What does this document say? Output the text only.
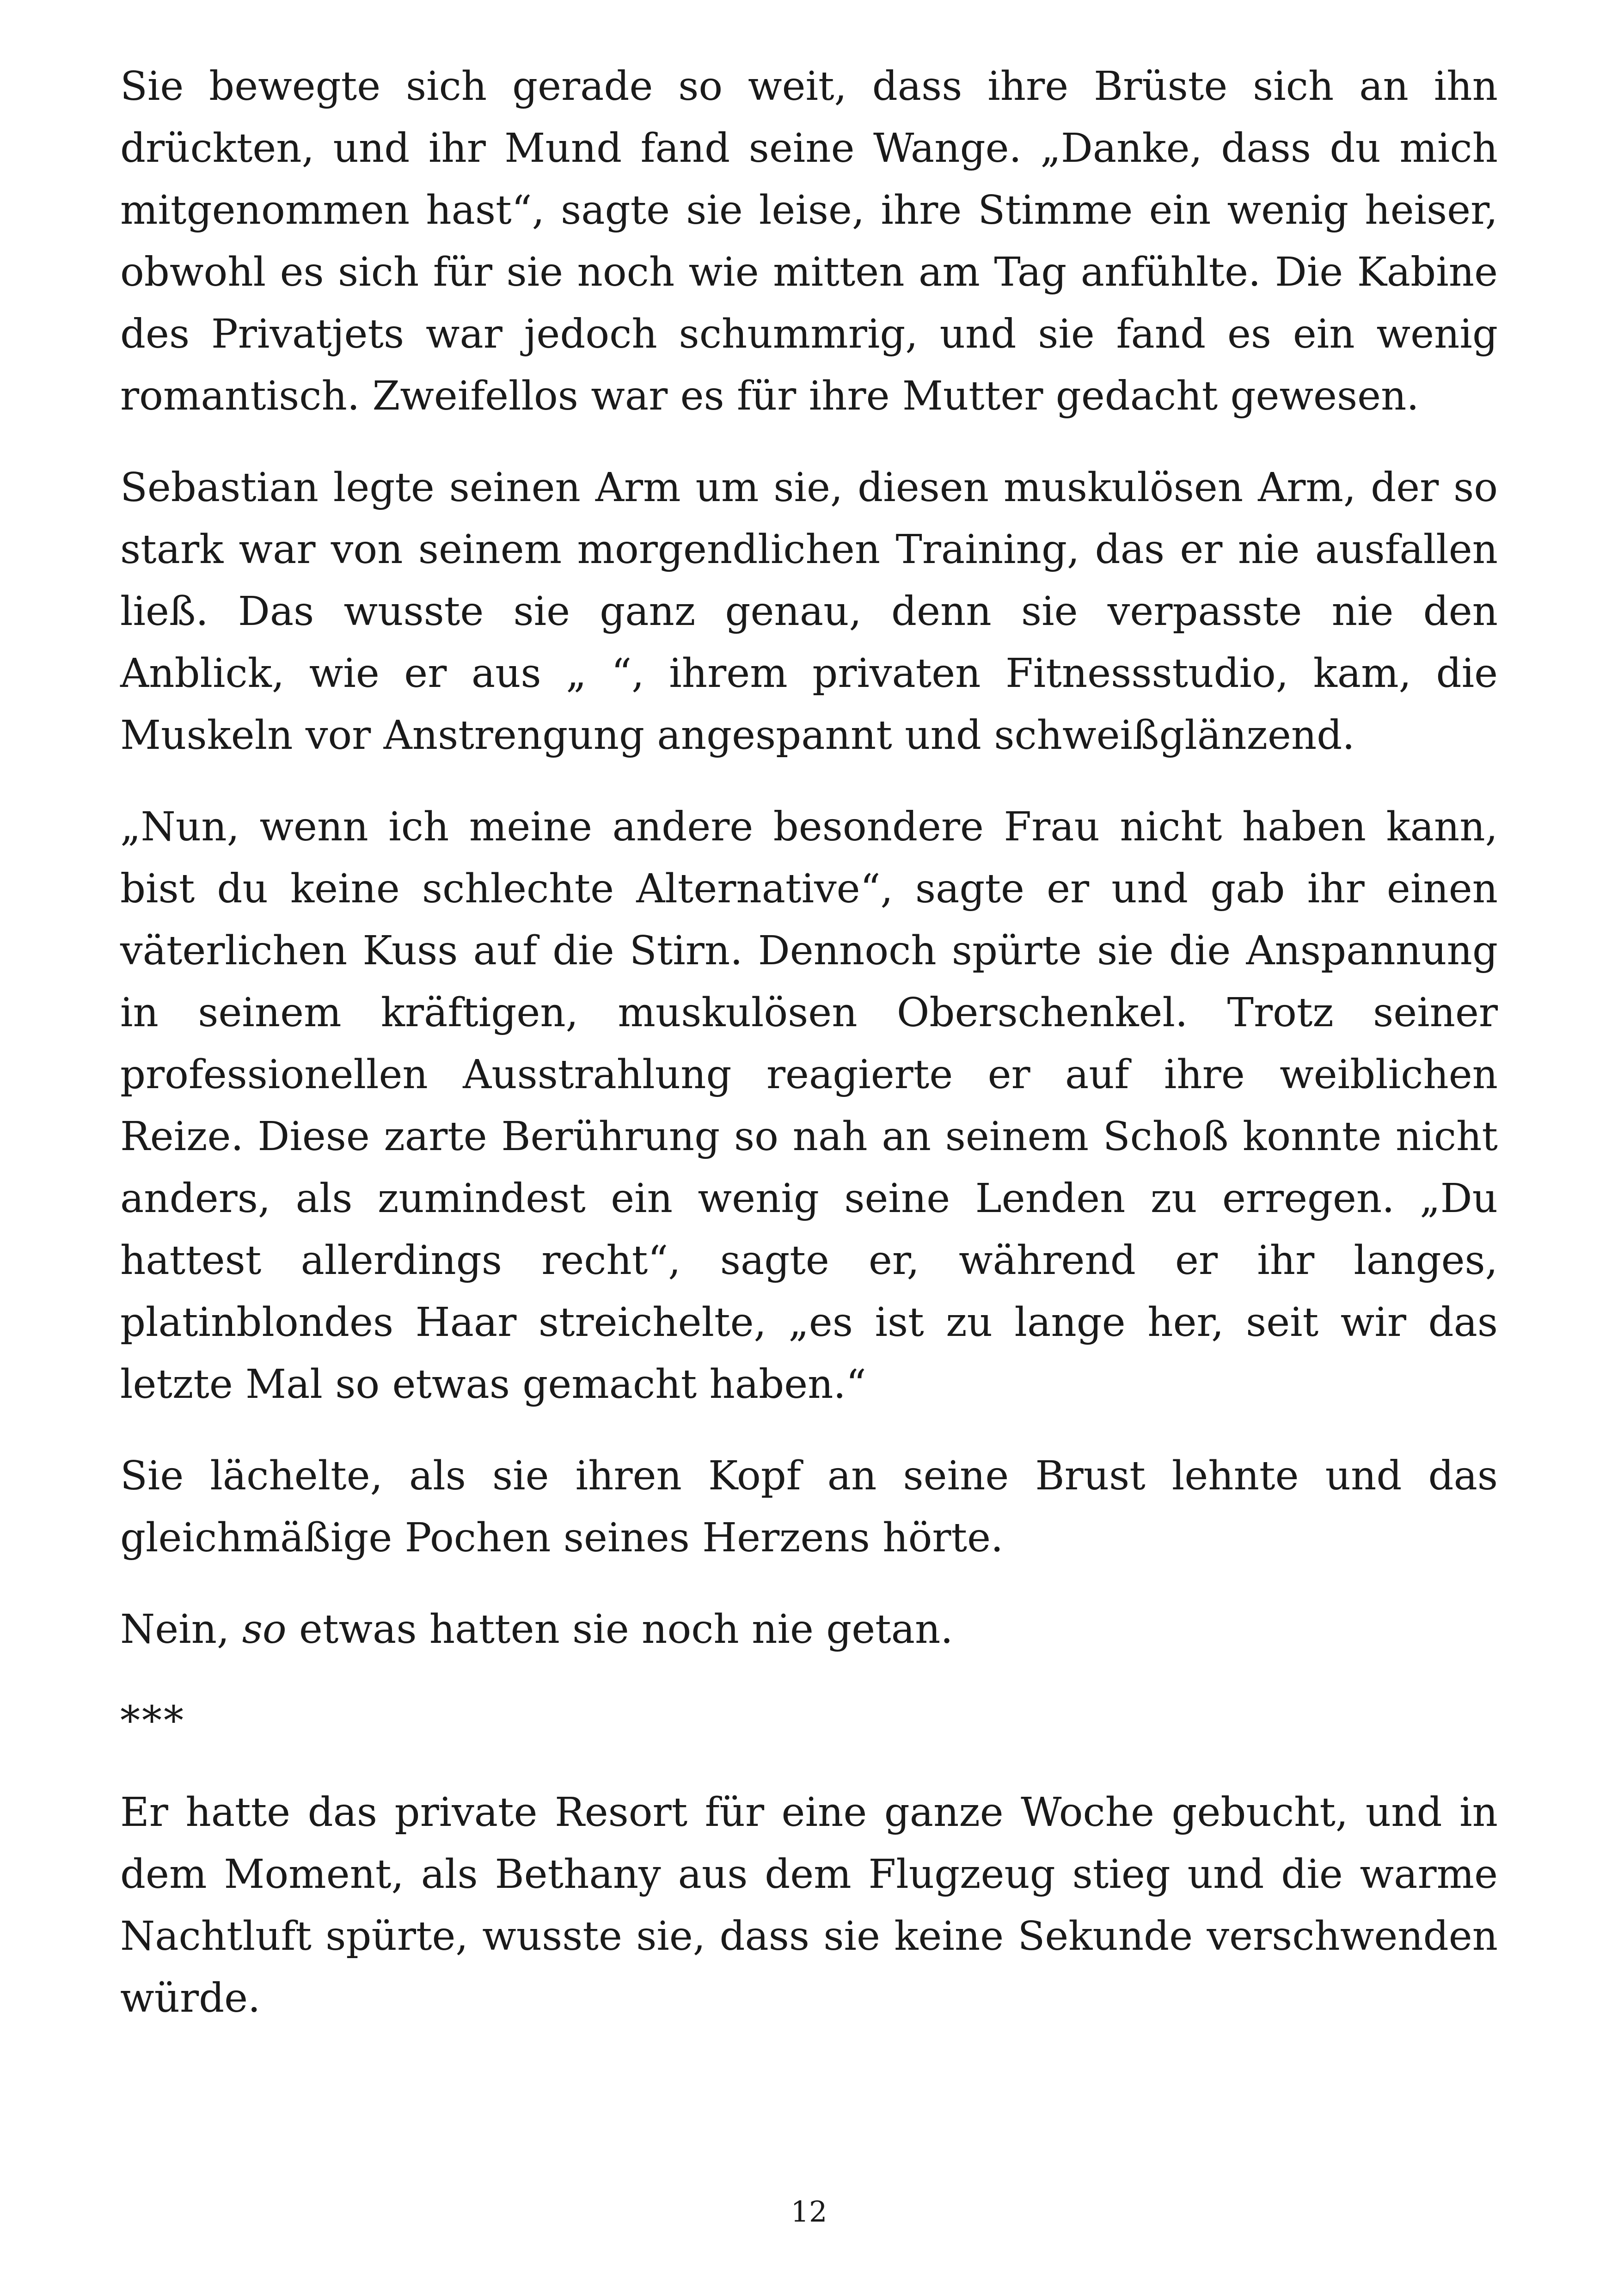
Sie bewegte sich gerade so weit, dass ihre Brüste sich an ihn drückten, und ihr Mund fand seine Wange. „Danke, dass du mich mitgenommen hast“, sagte sie leise, ihre Stimme ein wenig heiser, obwohl es sich für sie noch wie mitten am Tag anfühlte. Die Kabine des Privatjets war jedoch schummrig, und sie fand es ein wenig romantisch. Zweifellos war es für ihre Mutter gedacht gewesen.

Sebastian legte seinen Arm um sie, diesen muskulösen Arm, der so stark war von seinem morgendlichen Training, das er nie ausfallen ließ. Das wusste sie ganz genau, denn sie verpasste nie den Anblick, wie er aus „ “, ihrem privaten Fitnessstudio, kam, die Muskeln vor Anstrengung angespannt und schweißglänzend.

„Nun, wenn ich meine andere besondere Frau nicht haben kann, bist du keine schlechte Alternative“, sagte er und gab ihr einen väterlichen Kuss auf die Stirn. Dennoch spürte sie die Anspannung in seinem kräftigen, muskulösen Oberschenkel. Trotz seiner professionellen Ausstrahlung reagierte er auf ihre weiblichen Reize. Diese zarte Berührung so nah an seinem Schoß konnte nicht anders, als zumindest ein wenig seine Lenden zu erregen. „Du hattest allerdings recht“, sagte er, während er ihr langes, platinblondes Haar streichelte, „es ist zu lange her, seit wir das letzte Mal so etwas gemacht haben.“

Sie lächelte, als sie ihren Kopf an seine Brust lehnte und das gleichmäßige Pochen seines Herzens hörte.

Nein, so etwas hatten sie noch nie getan.

***

Er hatte das private Resort für eine ganze Woche gebucht, und in dem Moment, als Bethany aus dem Flugzeug stieg und die warme Nachtluft spürte, wusste sie, dass sie keine Sekunde verschwenden würde.

12
